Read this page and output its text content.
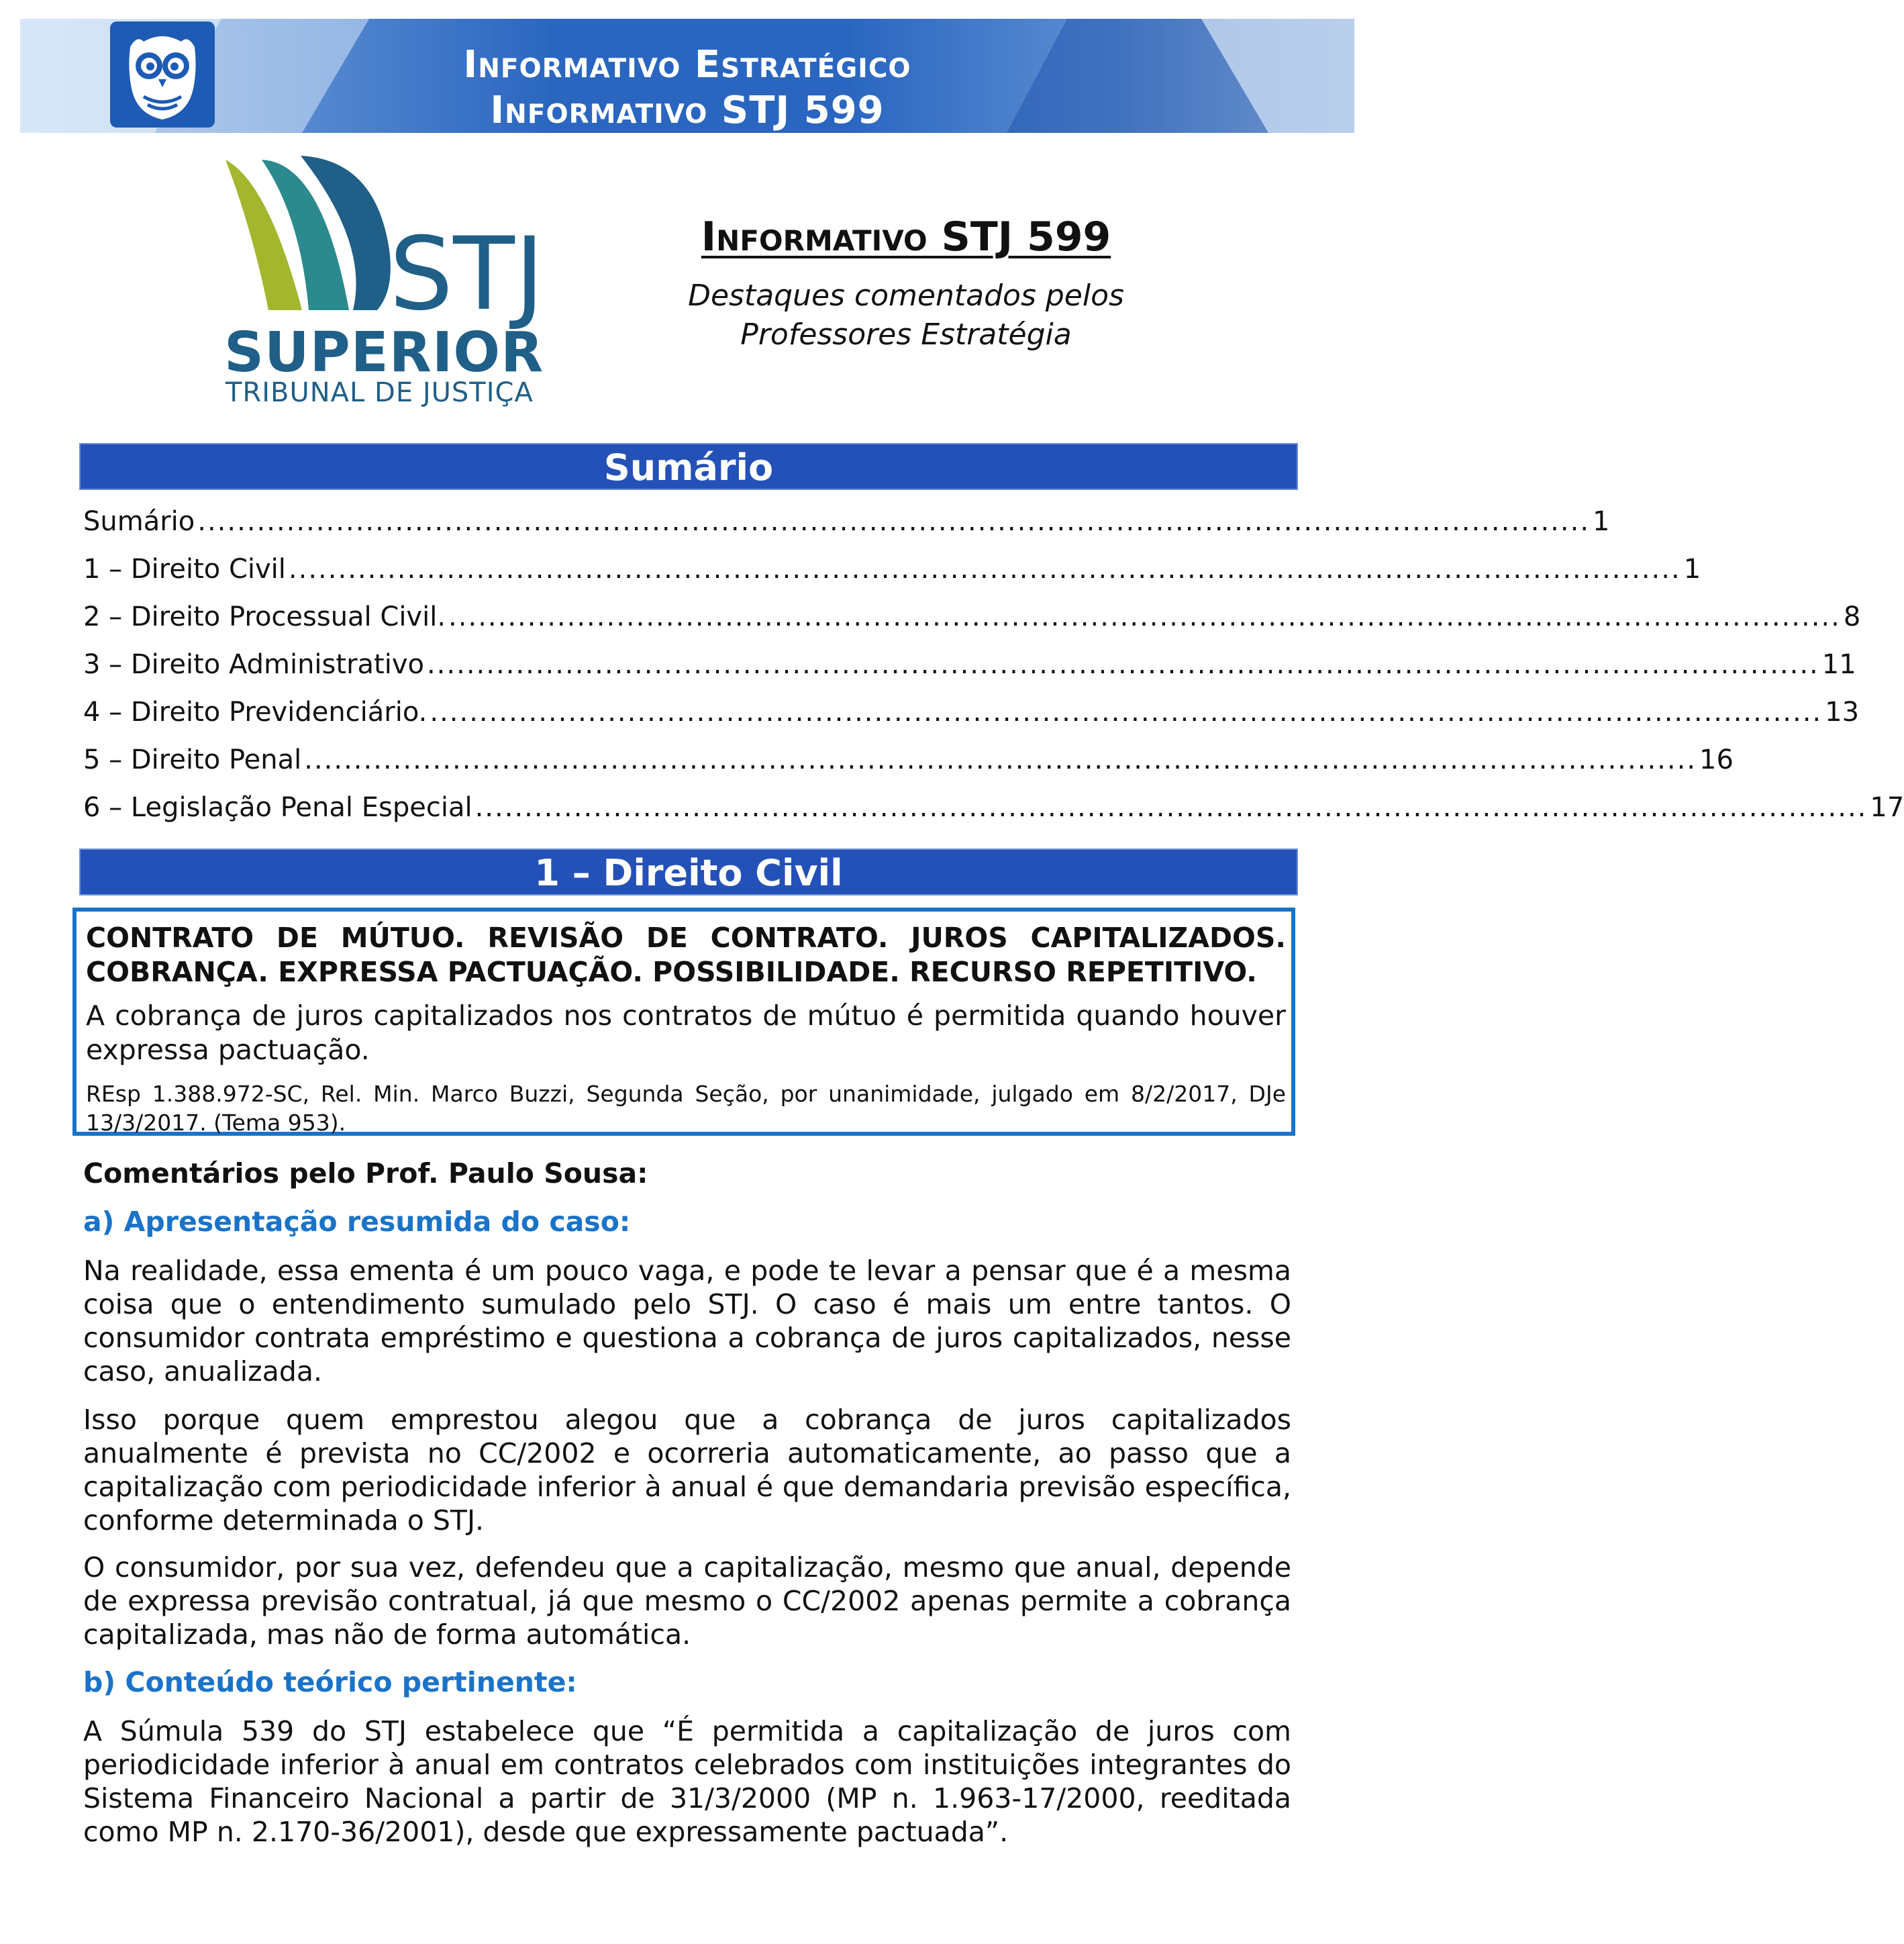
Informativo Estratégico
Informativo STJ 599
STJ
SUPERIOR
TRIBUNAL DE JUSTIÇA
Informativo STJ 599
Destaques comentados pelos
Professores Estratégia
Sumário
Sumário ............................................................................................................................................. 1
1 – Direito Civil ............................................................................................................................................. 1
2 – Direito Processual Civil. ............................................................................................................................................. 8
3 – Direito Administrativo ............................................................................................................................................. 11
4 – Direito Previdenciário. ............................................................................................................................................. 13
5 – Direito Penal ............................................................................................................................................. 16
6 – Legislação Penal Especial ............................................................................................................................................. 17
1 – Direito Civil
CONTRATO DE MÚTUO. REVISÃO DE CONTRATO. JUROS CAPITALIZADOS. COBRANÇA. EXPRESSA PACTUAÇÃO. POSSIBILIDADE. RECURSO REPETITIVO.
A cobrança de juros capitalizados nos contratos de mútuo é permitida quando houver expressa pactuação.
REsp 1.388.972-SC, Rel. Min. Marco Buzzi, Segunda Seção, por unanimidade, julgado em 8/2/2017, DJe 13/3/2017. (Tema 953).
Comentários pelo Prof. Paulo Sousa:
a) Apresentação resumida do caso:

Na realidade, essa ementa é um pouco vaga, e pode te levar a pensar que é a mesma coisa que o entendimento sumulado pelo STJ. O caso é mais um entre tantos. O consumidor contrata empréstimo e questiona a cobrança de juros capitalizados, nesse caso, anualizada.

Isso porque quem emprestou alegou que a cobrança de juros capitalizados anualmente é prevista no CC/2002 e ocorreria automaticamente, ao passo que a capitalização com periodicidade inferior à anual é que demandaria previsão específica, conforme determinada o STJ.

O consumidor, por sua vez, defendeu que a capitalização, mesmo que anual, depende de expressa previsão contratual, já que mesmo o CC/2002 apenas permite a cobrança capitalizada, mas não de forma automática.

b) Conteúdo teórico pertinente:

A Súmula 539 do STJ estabelece que “É permitida a capitalização de juros com periodicidade inferior à anual em contratos celebrados com instituições integrantes do Sistema Financeiro Nacional a partir de 31/3/2000 (MP n. 1.963-17/2000, reeditada como MP n. 2.170-36/2001), desde que expressamente pactuada”.
